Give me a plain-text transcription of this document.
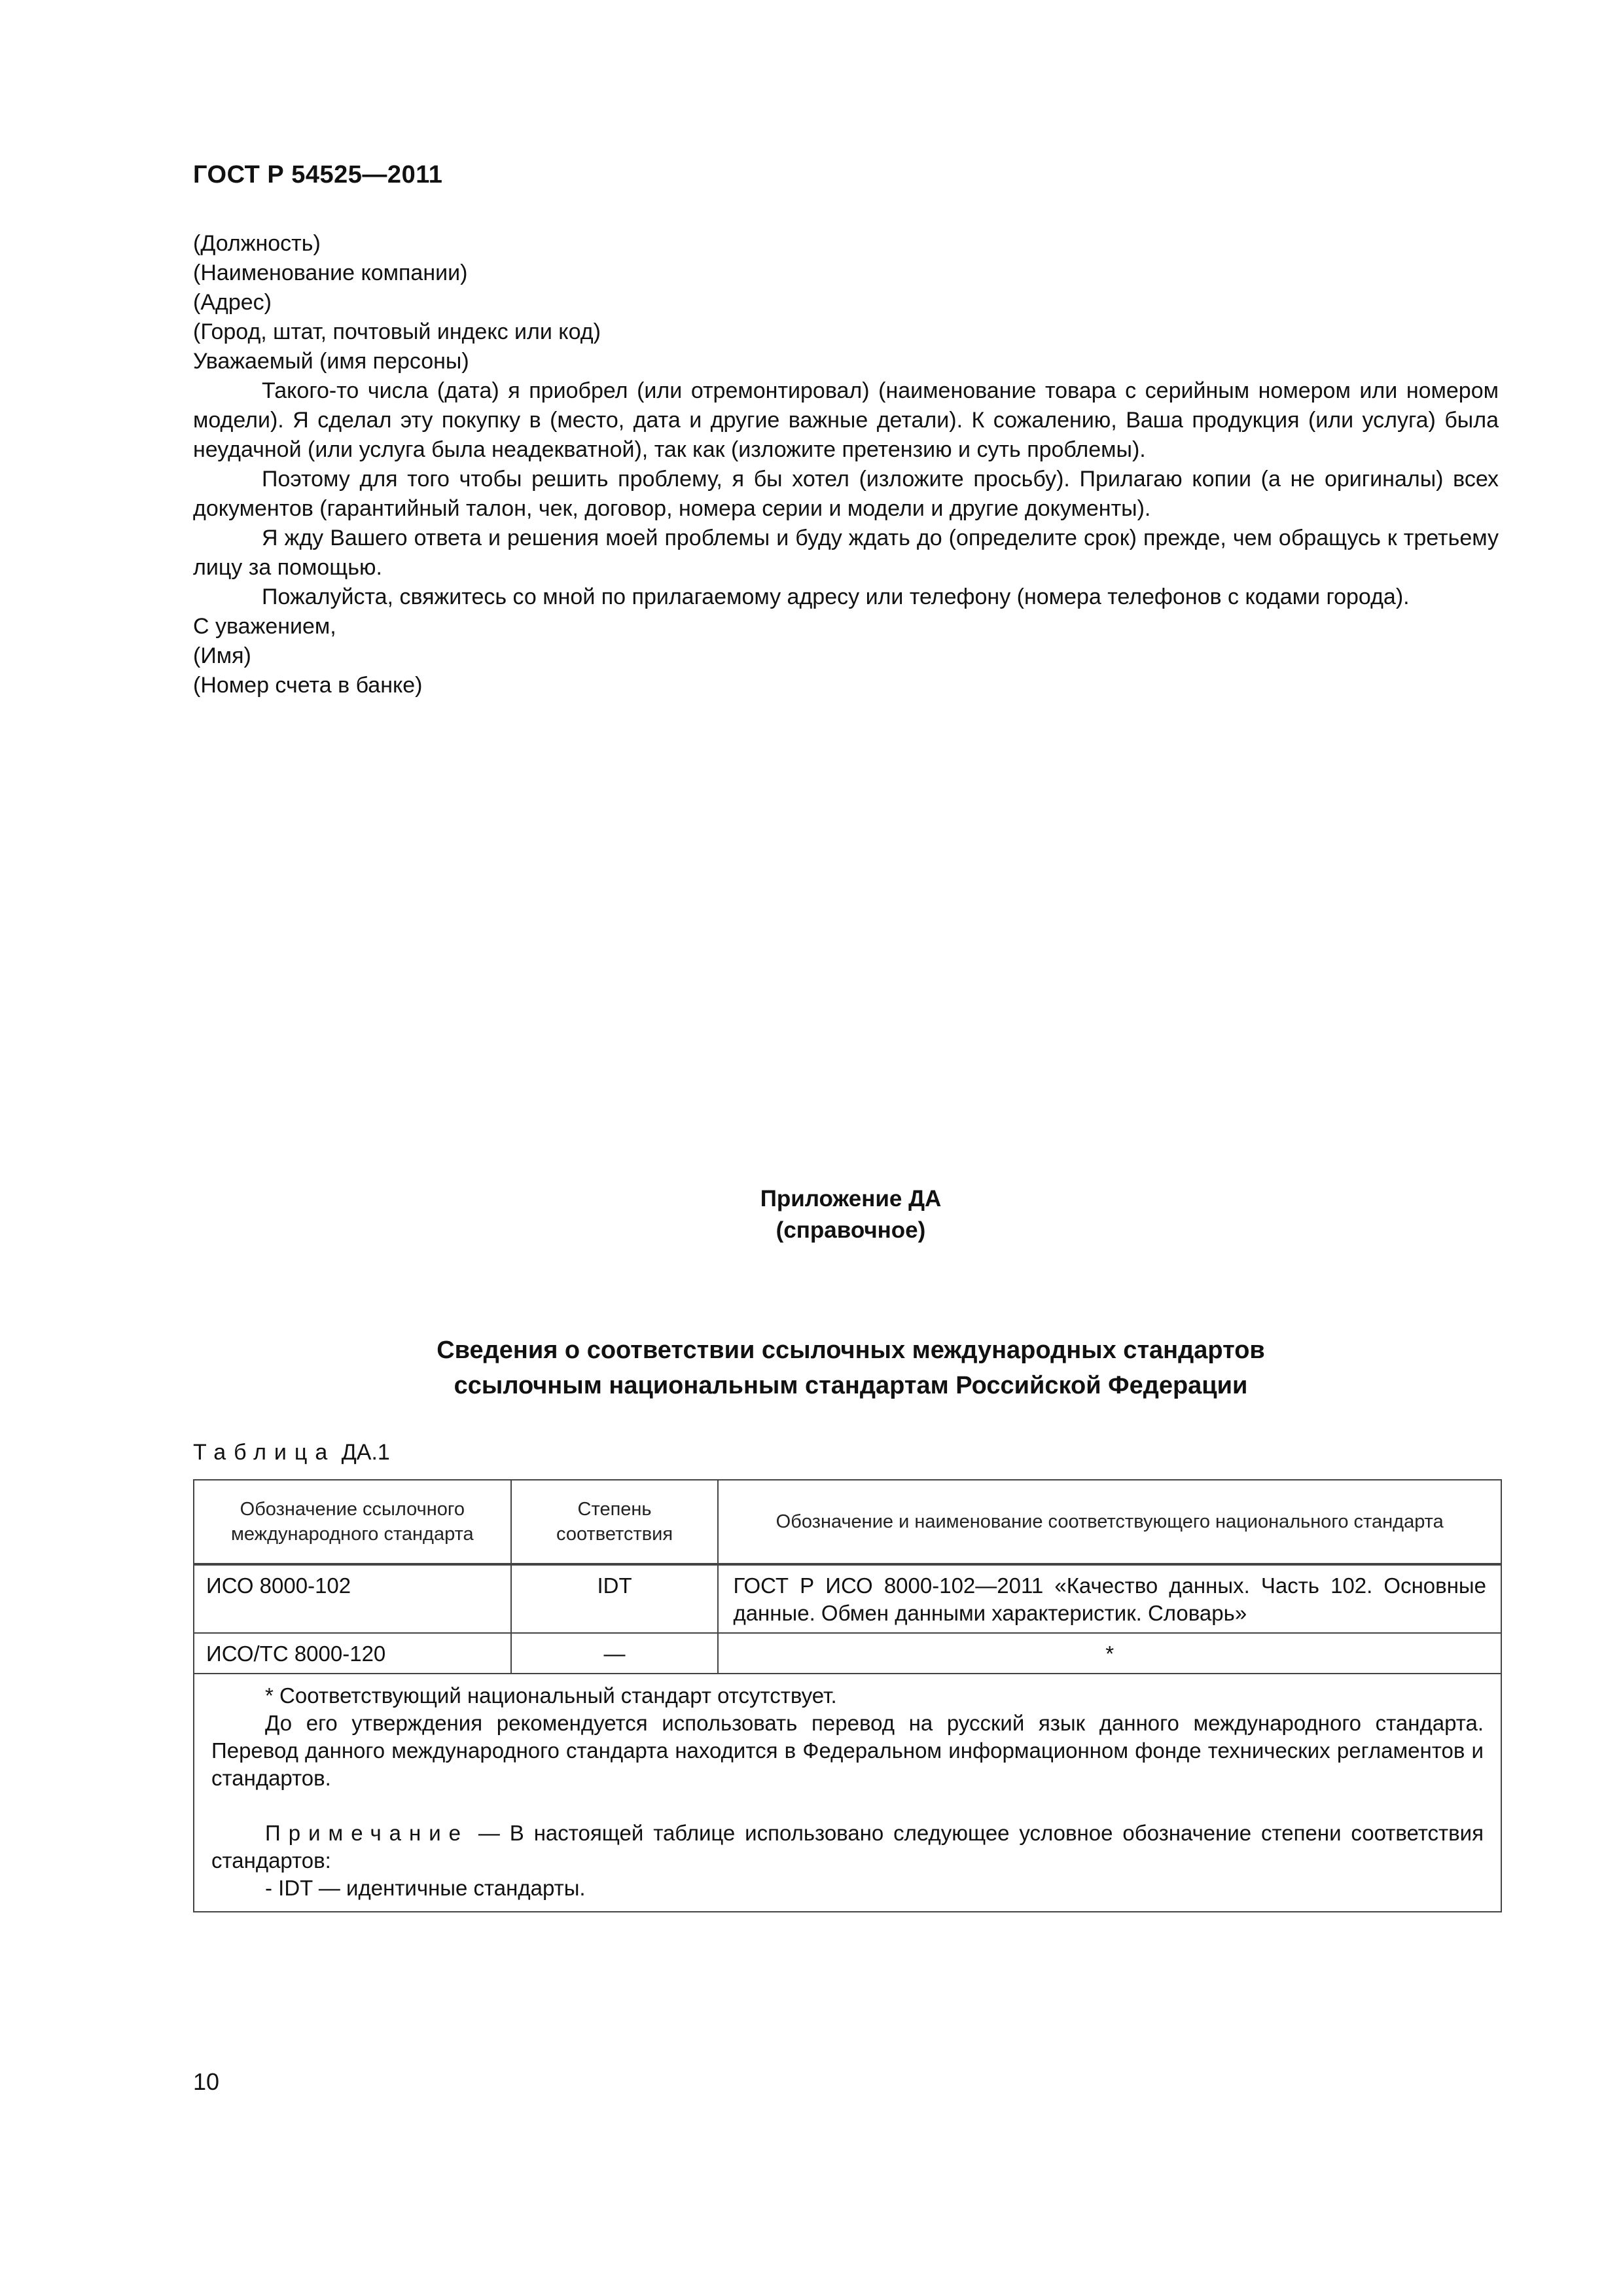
ГОСТ Р 54525—2011
(Должность)
(Наименование компании)
(Адрес)
(Город, штат, почтовый индекс или код)
Уважаемый (имя персоны)
Такого-то числа (дата) я приобрел (или отремонтировал) (наименование товара с серийным номером или номером модели). Я сделал эту покупку в (место, дата и другие важные детали). К сожалению, Ваша продукция (или услуга) была неудачной (или услуга была неадекватной), так как (изложите претензию и суть проблемы).
Поэтому для того чтобы решить проблему, я бы хотел (изложите просьбу). Прилагаю копии (а не оригиналы) всех документов (гарантийный талон, чек, договор, номера серии и модели и другие документы).
Я жду Вашего ответа и решения моей проблемы и буду ждать до (определите срок) прежде, чем обращусь к третьему лицу за помощью.
Пожалуйста, свяжитесь со мной по прилагаемому адресу или телефону (номера телефонов с кодами города).
С уважением,
(Имя)
(Номер счета в банке)
Приложение ДА
(справочное)
Сведения о соответствии ссылочных международных стандартов
ссылочным национальным стандартам Российской Федерации
Таблица ДА.1
Обозначение ссылочного международного стандарта	Степень соответствия	Обозначение и наименование соответствующего национального стандарта
ИСО 8000-102	IDT	ГОСТ Р ИСО 8000-102—2011 «Качество данных. Часть 102. Основные данные. Обмен данными характеристик. Словарь»
ИСО/ТС 8000-120	—	*

* Соответствующий национальный стандарт отсутствует.

До его утверждения рекомендуется использовать перевод на русский язык данного международного стандарта. Перевод данного международного стандарта находится в Федеральном информационном фонде технических регламентов и стандартов.

Примечание — В настоящей таблице использовано следующее условное обозначение степени соответствия стандартов:

- IDT — идентичные стандарты.		

10
